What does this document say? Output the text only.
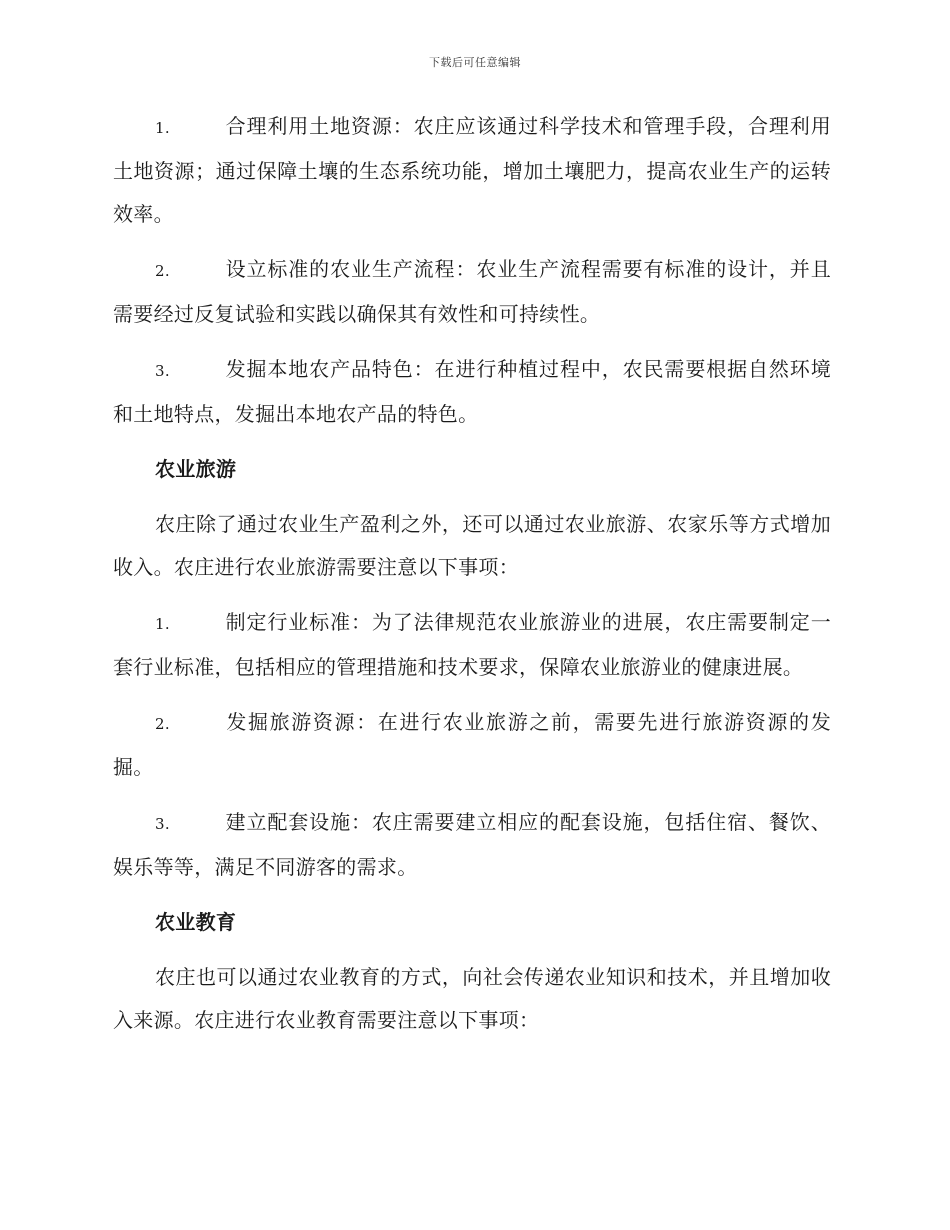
下载后可任意编辑

1.	合理利用土地资源：农庄应该通过科学技术和管理手段，合理利用土地资源；通过保障土壤的生态系统功能，增加土壤肥力，提高农业生产的运转效率。

2.	设立标准的农业生产流程：农业生产流程需要有标准的设计，并且需要经过反复试验和实践以确保其有效性和可持续性。

3.	发掘本地农产品特色：在进行种植过程中，农民需要根据自然环境和土地特点，发掘出本地农产品的特色。

农业旅游

农庄除了通过农业生产盈利之外，还可以通过农业旅游、农家乐等方式增加收入。农庄进行农业旅游需要注意以下事项：

1.	制定行业标准：为了法律规范农业旅游业的进展，农庄需要制定一套行业标准，包括相应的管理措施和技术要求，保障农业旅游业的健康进展。

2.	发掘旅游资源：在进行农业旅游之前，需要先进行旅游资源的发掘。

3.	建立配套设施：农庄需要建立相应的配套设施，包括住宿、餐饮、娱乐等等，满足不同游客的需求。

农业教育

农庄也可以通过农业教育的方式，向社会传递农业知识和技术，并且增加收入来源。农庄进行农业教育需要注意以下事项：
